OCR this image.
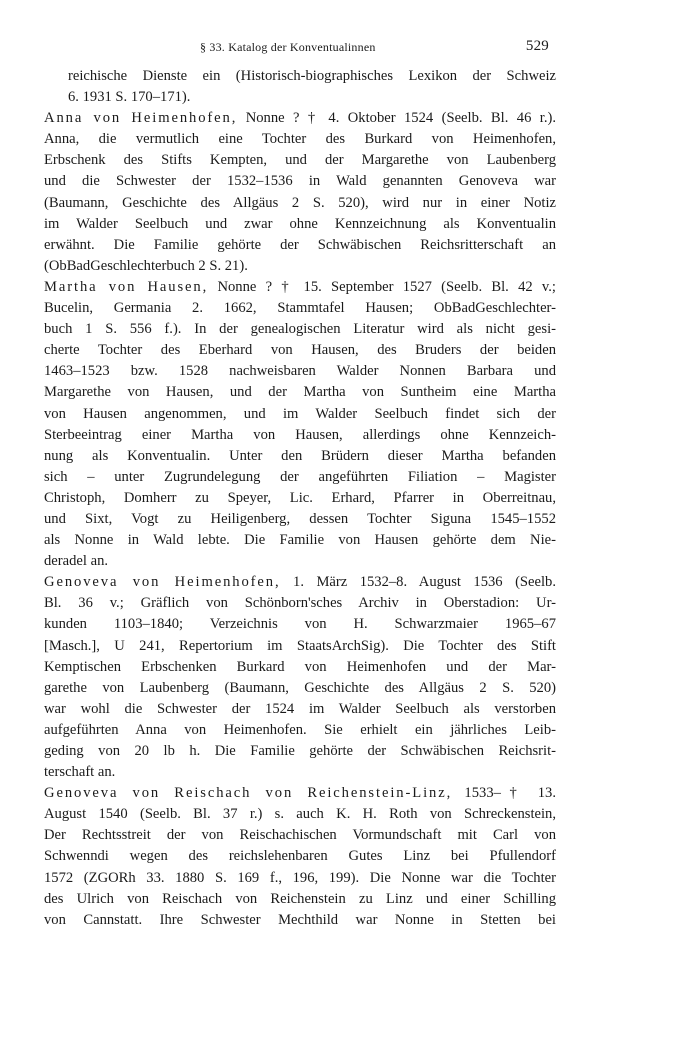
§ 33. Katalog der Konventualinnen	529

reichische Dienste ein (Historisch-biographisches Lexikon der Schweiz
6. 1931 S. 170–171).

Anna von Heimenhofen, Nonne ? † 4. Oktober 1524 (Seelb. Bl. 46 r.).
Anna, die vermutlich eine Tochter des Burkard von Heimenhofen,
Erbschenk des Stifts Kempten, und der Margarethe von Laubenberg
und die Schwester der 1532–1536 in Wald genannten Genoveva war
(Baumann, Geschichte des Allgäus 2 S. 520), wird nur in einer Notiz
im Walder Seelbuch und zwar ohne Kennzeichnung als Konventualin
erwähnt. Die Familie gehörte der Schwäbischen Reichsritterschaft an
(ObBadGeschlechterbuch 2 S. 21).

Martha von Hausen, Nonne ? † 15. September 1527 (Seelb. Bl. 42 v.;
Bucelin, Germania 2. 1662, Stammtafel Hausen; ObBadGeschlechter-
buch 1 S. 556 f.). In der genealogischen Literatur wird als nicht gesi-
cherte Tochter des Eberhard von Hausen, des Bruders der beiden
1463–1523 bzw. 1528 nachweisbaren Walder Nonnen Barbara und
Margarethe von Hausen, und der Martha von Suntheim eine Martha
von Hausen angenommen, und im Walder Seelbuch findet sich der
Sterbeeintrag einer Martha von Hausen, allerdings ohne Kennzeich-
nung als Konventualin. Unter den Brüdern dieser Martha befanden
sich – unter Zugrundelegung der angeführten Filiation – Magister
Christoph, Domherr zu Speyer, Lic. Erhard, Pfarrer in Oberreitnau,
und Sixt, Vogt zu Heiligenberg, dessen Tochter Siguna 1545–1552
als Nonne in Wald lebte. Die Familie von Hausen gehörte dem Nie-
deradel an.

Genoveva von Heimenhofen, 1. März 1532–8. August 1536 (Seelb.
Bl. 36 v.; Gräflich von Schönborn'sches Archiv in Oberstadion: Ur-
kunden 1103–1840; Verzeichnis von H. Schwarzmaier 1965–67
[Masch.], U 241, Repertorium im StaatsArchSig). Die Tochter des Stift
Kemptischen Erbschenken Burkard von Heimenhofen und der Mar-
garethe von Laubenberg (Baumann, Geschichte des Allgäus 2 S. 520)
war wohl die Schwester der 1524 im Walder Seelbuch als verstorben
aufgeführten Anna von Heimenhofen. Sie erhielt ein jährliches Leib-
geding von 20 lb h. Die Familie gehörte der Schwäbischen Reichsrit-
terschaft an.

Genoveva von Reischach von Reichenstein-Linz, 1533–† 13.
August 1540 (Seelb. Bl. 37 r.) s. auch K. H. Roth von Schreckenstein,
Der Rechtsstreit der von Reischachischen Vormundschaft mit Carl von
Schwenndi wegen des reichslehenbaren Gutes Linz bei Pfullendorf
1572 (ZGORh 33. 1880 S. 169 f., 196, 199). Die Nonne war die Tochter
des Ulrich von Reischach von Reichenstein zu Linz und einer Schilling
von Cannstatt. Ihre Schwester Mechthild war Nonne in Stetten bei
